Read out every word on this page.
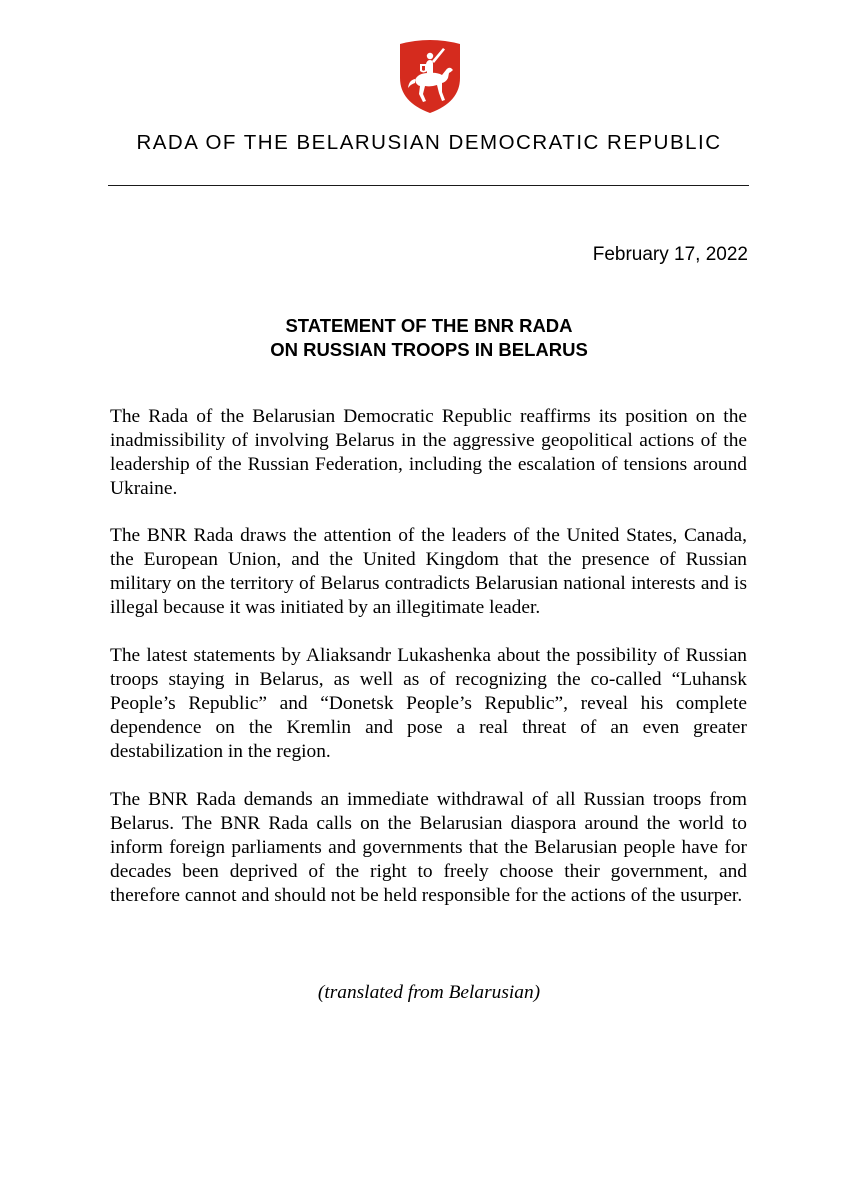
RADA OF THE BELARUSIAN DEMOCRATIC REPUBLIC
February 17, 2022
STATEMENT OF THE BNR RADA
ON RUSSIAN TROOPS IN BELARUS

The Rada of the Belarusian Democratic Republic reaffirms its position on the inadmissibility of involving Belarus in the aggressive geopolitical actions of the leadership of the Russian Federation, including the escalation of tensions around Ukraine.

The BNR Rada draws the attention of the leaders of the United States, Canada, the European Union, and the United Kingdom that the presence of Russian military on the territory of Belarus contradicts Belarusian national interests and is illegal because it was initiated by an illegitimate leader.

The latest statements by Aliaksandr Lukashenka about the possibility of Russian troops staying in Belarus, as well as of recognizing the co-called “Luhansk People’s Republic” and “Donetsk People’s Republic”, reveal his complete dependence on the Kremlin and pose a real threat of an even greater destabilization in the region.

The BNR Rada demands an immediate withdrawal of all Russian troops from Belarus. The BNR Rada calls on the Belarusian diaspora around the world to inform foreign parliaments and governments that the Belarusian people have for decades been deprived of the right to freely choose their government, and therefore cannot and should not be held responsible for the actions of the usurper.

(translated from Belarusian)
